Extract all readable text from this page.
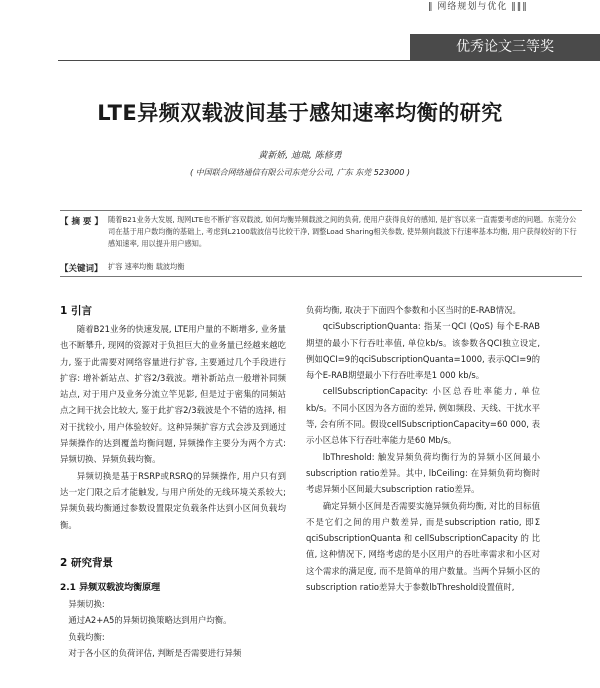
‖ 网络规划与优化 ‖‖‖
优秀论文三等奖
LTE异频双载波间基于感知速率均衡的研究
黄新娇, 迪瑞, 陈修勇
( 中国联合网络通信有限公司东莞分公司, 广东 东莞 523000 )
【 摘 要 】 随着B21业务大发展, 现网LTE也不断扩容双载波, 如何均衡异频载波之间的负荷, 使用户获得良好的感知, 是扩容以来一直需要考虑的问题。东莞分公司在基于用户数均衡的基础上, 考虑到L2100载波信号比较干净, 调整Load Sharing相关参数, 使异频向载波下行速率基本均衡, 用户获得较好的下行感知速率, 用以提升用户感知。
【关键词】 扩容 速率均衡 载波均衡
1 引言

随着B21业务的快速发展, LTE用户量的不断增多, 业务量也不断攀升, 现网的资源对于负担巨大的业务量已经越来越吃力, 鉴于此需要对网络容量进行扩容, 主要通过几个手段进行扩容: 增补新站点、扩容2/3载波。增补新站点一般增补同频站点, 对于用户及业务分流立竿见影, 但是过于密集的同频站点之间干扰会比较大, 鉴于此扩容2/3载波是个不错的选择, 相对干扰较小, 用户体验较好。这种异频扩容方式会涉及到通过异频操作的达到覆盖均衡问题, 异频操作主要分为两个方式: 异频切换、异频负载均衡。

异频切换是基于RSRP或RSRQ的异频操作, 用户只有到达一定门限之后才能触发, 与用户所处的无线环境关系较大; 异频负载均衡通过参数设置限定负载条件达到小区间负载均衡。

2 研究背景
2.1 异频双载波均衡原理

异频切换:

通过A2+A5的异频切换策略达到用户均衡。

负载均衡:

对于各小区的负荷评估, 判断是否需要进行异频

负荷均衡, 取决于下面四个参数和小区当时的E-RAB情况。

qciSubscriptionQuanta: 指某一QCI (QoS) 每个E-RAB期望的最小下行吞吐率值, 单位kb/s。该参数各QCI独立设定, 例如QCI=9的qciSubscriptionQuanta=1000, 表示QCI=9的每个E-RAB期望最小下行吞吐率是1 000 kb/s。

cellSubscriptionCapacity: 小区总吞吐率能力, 单位kb/s。不同小区因为各方面的差异, 例如频段、天线、干扰水平等, 会有所不同。假设cellSubscriptionCapacity=60 000, 表示小区总体下行吞吐率能力是60 Mb/s。

lbThreshold: 触发异频负荷均衡行为的异频小区间最小subscription ratio差异。其中, lbCeiling: 在异频负荷均衡时考虑异频小区间最大subscription ratio差异。

确定异频小区间是否需要实施异频负荷均衡, 对比的目标值不是它们之间的用户数差异, 而是subscription ratio, 即Σ qciSubscriptionQuanta和cellSubscriptionCapacity的比值, 这种情况下, 网络考虑的是小区用户的吞吐率需求和小区对这个需求的满足度, 而不是简单的用户数量。当两个异频小区的subscription ratio差异大于参数lbThreshold设置值时,
